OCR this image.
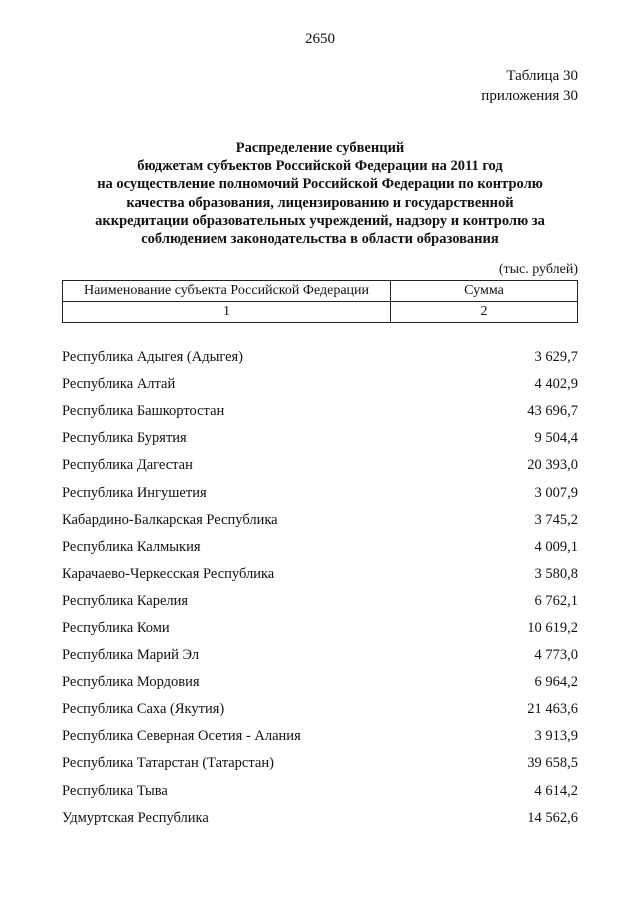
2650
Таблица 30
приложения 30
Распределение субвенций
бюджетам субъектов Российской Федерации на 2011 год
на осуществление полномочий Российской Федерации по контролю
качества образования, лицензированию и государственной
аккредитации образовательных учреждений, надзору и контролю за
соблюдением законодательства в области образования
(тыс. рублей)
Наименование субъекта Российской Федерации	Сумма
1	2
Республика Адыгея (Адыгея)	3 629,7
Республика Алтай	4 402,9
Республика Башкортостан	43 696,7
Республика Бурятия	9 504,4
Республика Дагестан	20 393,0
Республика Ингушетия	3 007,9
Кабардино-Балкарская Республика	3 745,2
Республика Калмыкия	4 009,1
Карачаево-Черкесская Республика	3 580,8
Республика Карелия	6 762,1
Республика Коми	10 619,2
Республика Марий Эл	4 773,0
Республика Мордовия	6 964,2
Республика Саха (Якутия)	21 463,6
Республика Северная Осетия - Алания	3 913,9
Республика Татарстан (Татарстан)	39 658,5
Республика Тыва	4 614,2
Удмуртская Республика	14 562,6
